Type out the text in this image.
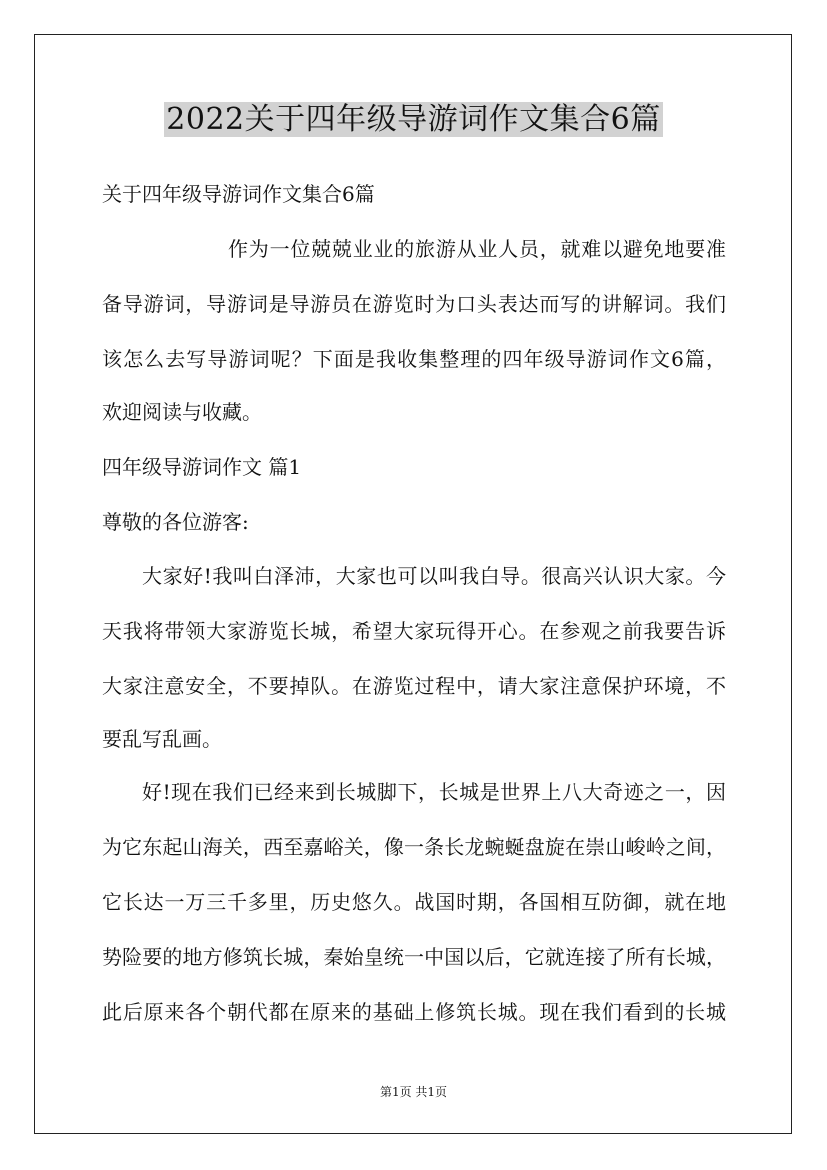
2022关于四年级导游词作文集合6篇
关于四年级导游词作文集合6篇
作为一位兢兢业业的旅游从业人员，就难以避免地要准
备导游词，导游词是导游员在游览时为口头表达而写的讲解词。我们
该怎么去写导游词呢？下面是我收集整理的四年级导游词作文6篇，
欢迎阅读与收藏。
四年级导游词作文 篇1
尊敬的各位游客:
大家好!我叫白泽沛，大家也可以叫我白导。很高兴认识大家。今
天我将带领大家游览长城，希望大家玩得开心。在参观之前我要告诉
大家注意安全，不要掉队。在游览过程中，请大家注意保护环境，不
要乱写乱画。
好!现在我们已经来到长城脚下，长城是世界上八大奇迹之一，因
为它东起山海关，西至嘉峪关，像一条长龙蜿蜒盘旋在崇山峻岭之间，
它长达一万三千多里，历史悠久。战国时期，各国相互防御，就在地
势险要的地方修筑长城，秦始皇统一中国以后，它就连接了所有长城，
此后原来各个朝代都在原来的基础上修筑长城。现在我们看到的长城
第1页 共1页
